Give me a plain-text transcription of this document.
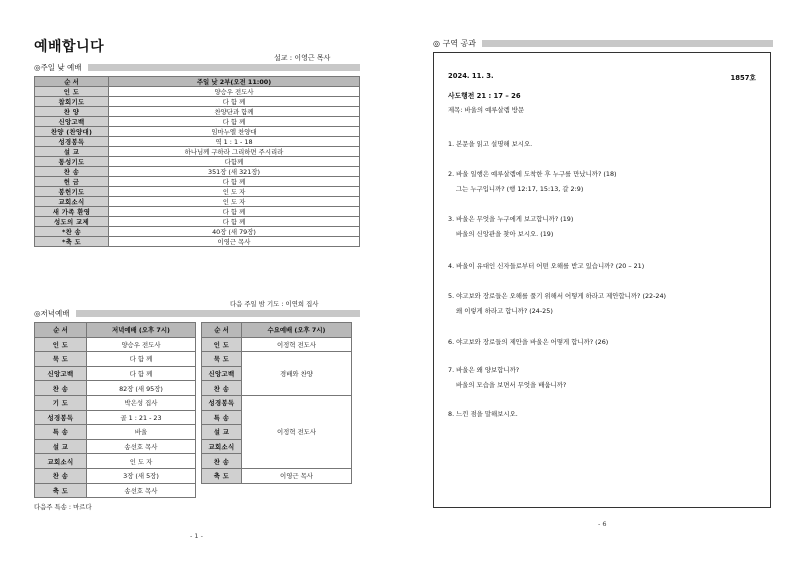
예배합니다
설교 : 이영근 목사
◎주일 낮 예배
순 서	주일 낮 2부(오전 11:00)
인 도	양승우 전도사
참회기도	다 함 께
찬 양	찬양단과 함께
신앙고백	다 함 께
찬양 (찬양대)	임마누엘 찬양대
성경봉독	역 1 : 1 - 18
설 교	하나님께 구하라 그리하면 주시리라
통성기도	다함께
찬 송	351장 (새 321장)
헌 금	다 함 께
봉헌기도	인 도 자
교회소식	인 도 자
새 가족 환영	다 함 께
성도의 교제	다 함 께
*찬 송	40장 (새 79장)
*축 도	이영근 목사
다음 주일 밤 기도 : 이연희 집사
◎저녁예배
순 서	저녁예배 (오후 7시)
인 도	양승우 전도사
묵 도	다 함 께
신앙고백	다 함 께
찬 송	82장 (새 95장)
기 도	박은성 집사
성경봉독	골 1 : 21 - 23
특 송	바울
설 교	송선호 목사
교회소식	인 도 자
찬 송	3장 (새 5장)
축 도	송선호 목사
순 서	수요예배 (오후 7시)
인 도	이정혁 전도사
묵 도	경배와 찬양
신앙고백	
찬 송	
성경봉독	이정혁 전도사
특 송	
설 교	
교회소식	
찬 송	
축 도	이영근 목사
다음주 특송 : 마르다
- 1 -
◎ 구역 공과
2024. 11. 3.	1857호
사도행전 21 : 17 – 26
제목: 바울의 예루살렘 방문
1. 본문을 읽고 설명해 보시오.
2. 바울 일행은 예루살렘에 도착한 후 누구를 만났니까? (18)
그는 누구입니까? (행 12:17, 15:13, 갈 2:9)
3. 바울은 무엇을 누구에게 보고합니까? (19)
바울의 신앙관을 찾아 보시오. (19)
4. 바울이 유대인 신자들로부터 어떤 오해를 받고 있습니까? (20 – 21)
5. 야고보와 장로들은 오해를 풀기 위해서 어떻게 하라고 제안합니까? (22-24)
왜 이렇게 하라고 합니까? (24-25)
6. 야고보와 장로들의 제안을 바울은 어떻게 합니까? (26)
7. 바울은 왜 양보합니까?
바울의 모습을 보면서 무엇을 배웁니까?
8. 느낀 점을 말해보시오.
- 6
